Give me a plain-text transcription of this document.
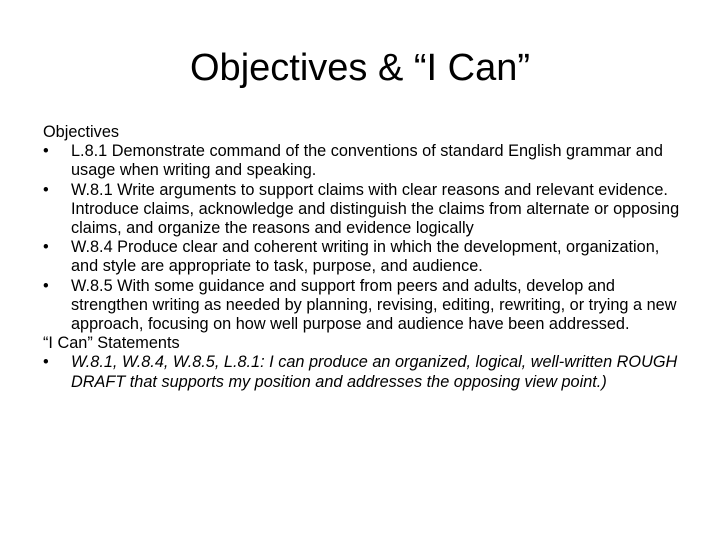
Objectives & “I Can”

Objectives

•	L.8.1 Demonstrate command of the conventions of standard English grammar and usage when writing and speaking.
•	W.8.1 Write arguments to support claims with clear reasons and relevant evidence. Introduce claims, acknowledge and distinguish the claims from alternate or opposing claims, and organize the reasons and evidence logically
•	W.8.4 Produce clear and coherent writing in which the development, organization, and style are appropriate to task, purpose, and audience.
•	W.8.5 With some guidance and support from peers and adults, develop and strengthen writing as needed by planning, revising, editing, rewriting, or trying a new approach, focusing on how well purpose and audience have been addressed.

“I Can” Statements

•	W.8.1, W.8.4, W.8.5, L.8.1: I can produce an organized, logical, well-written ROUGH DRAFT that supports my position and addresses the opposing view point.)
